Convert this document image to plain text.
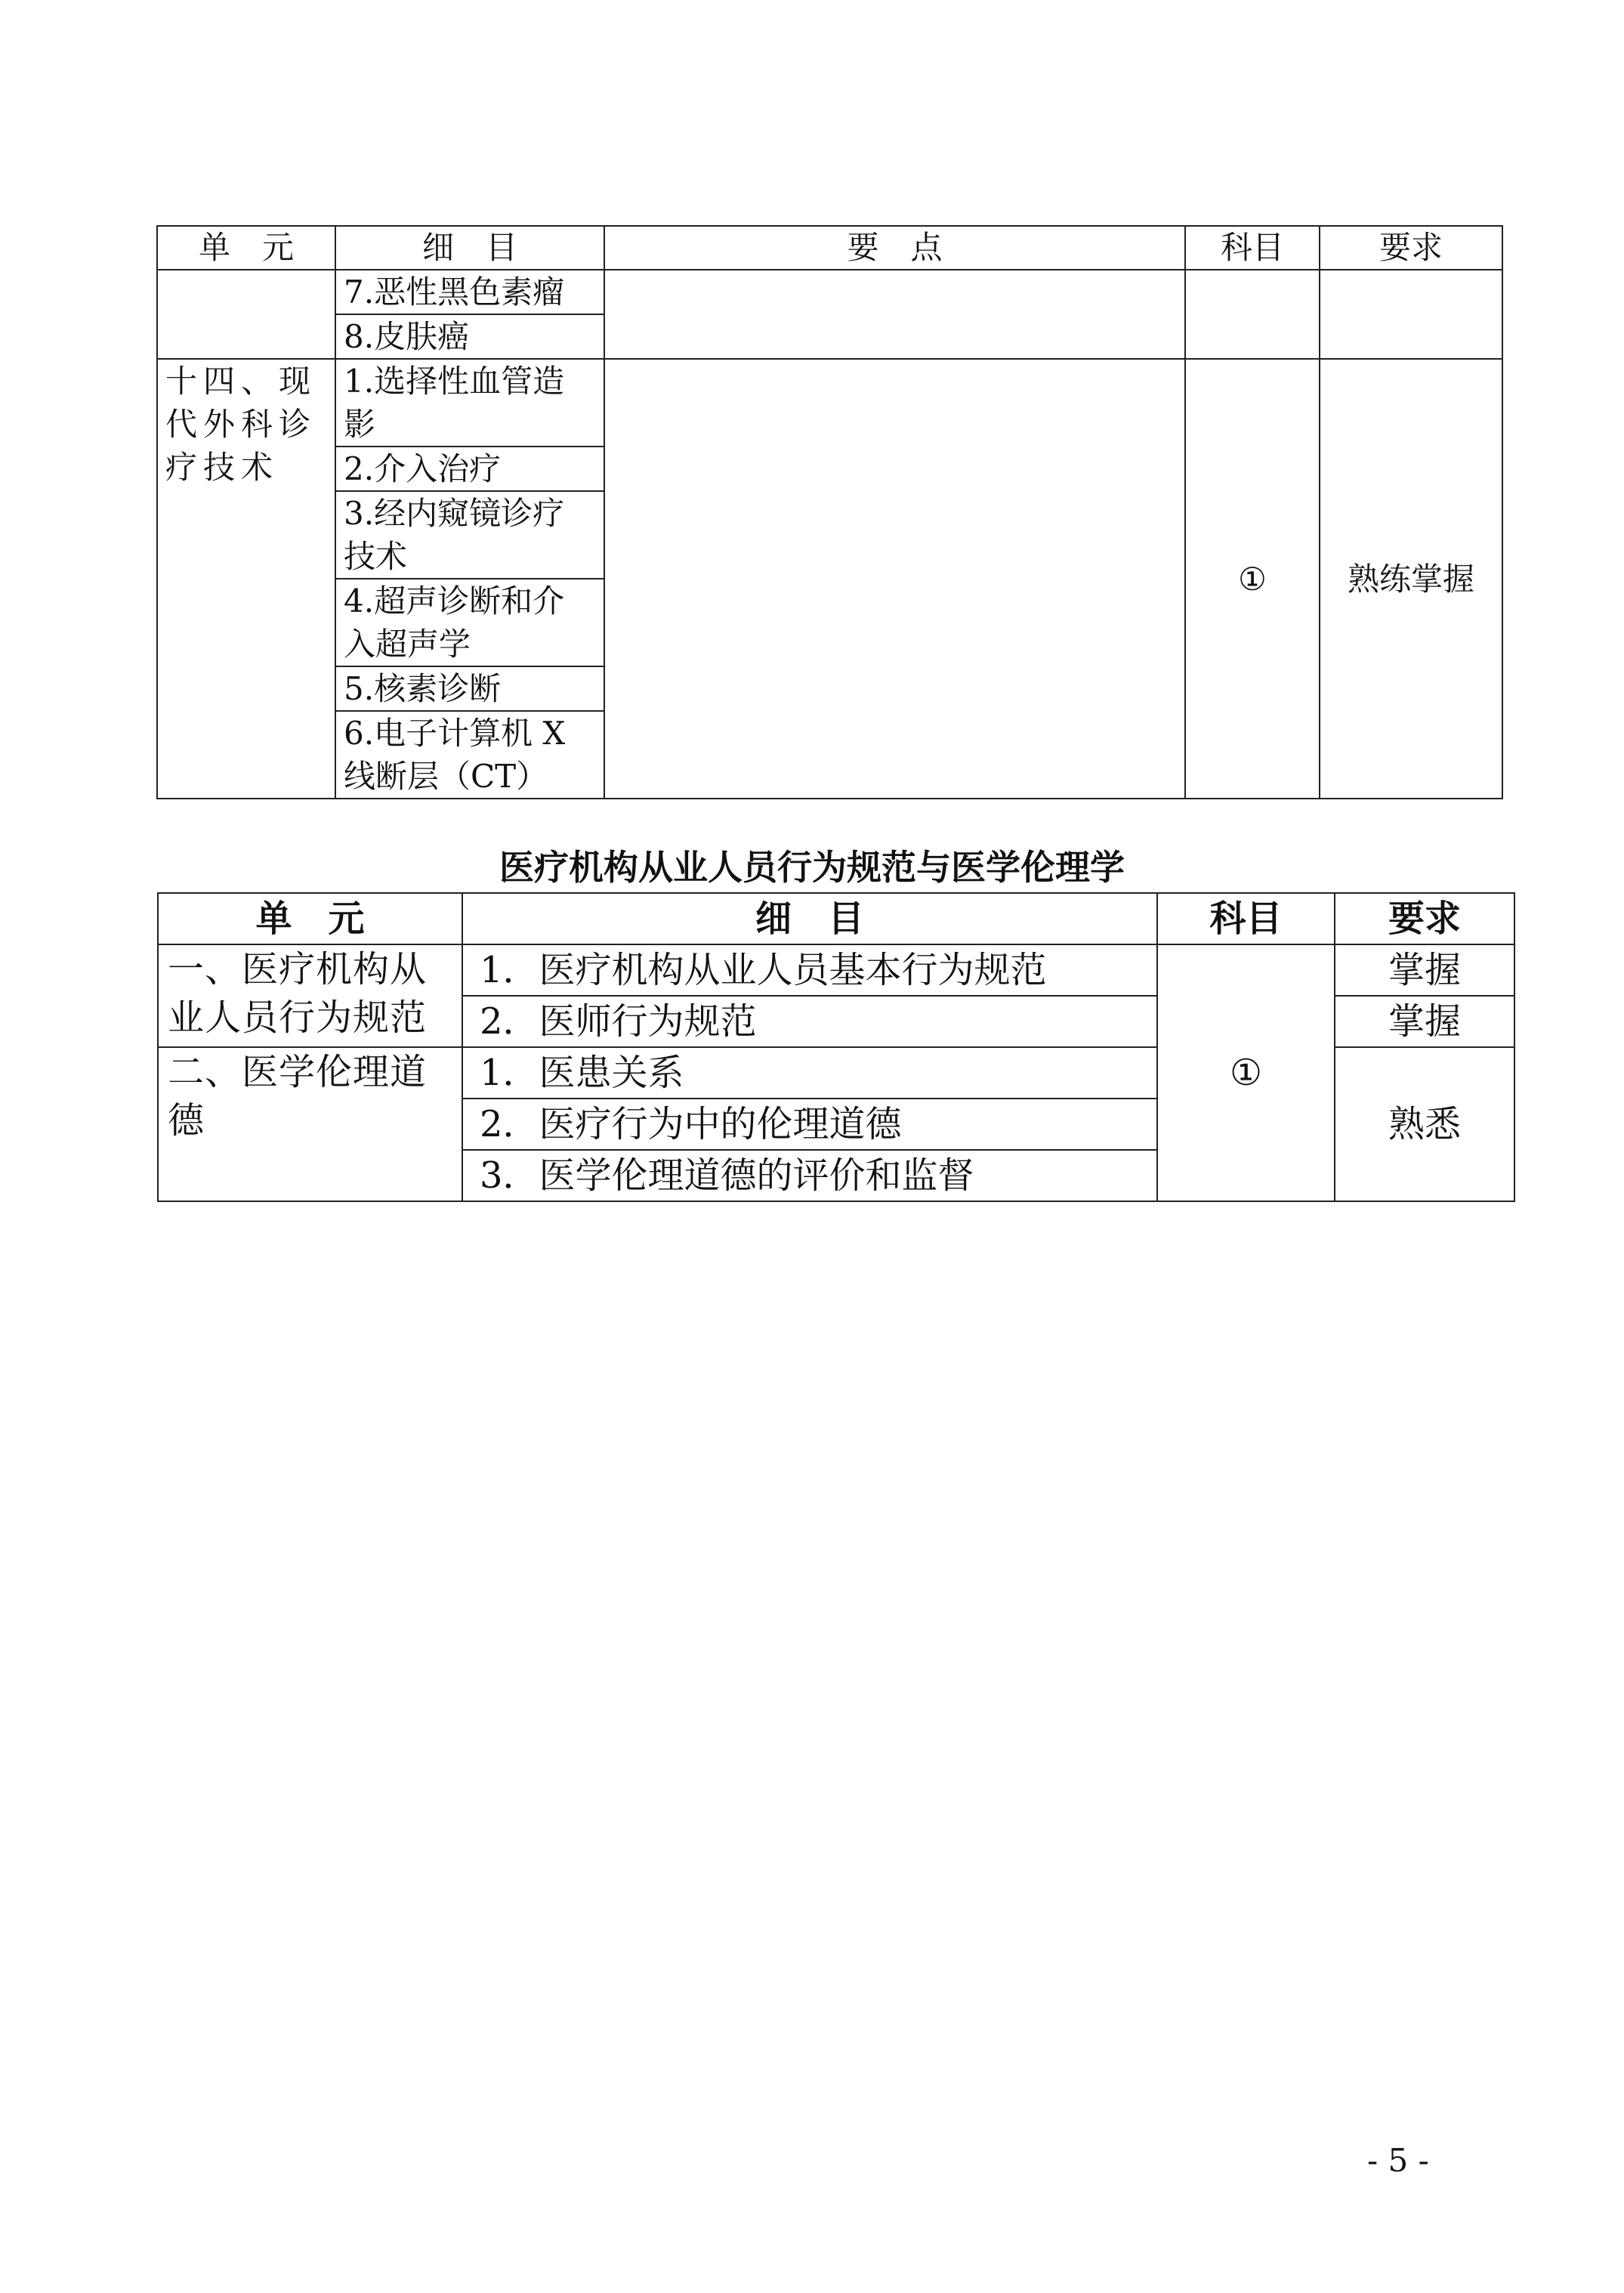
单　元	细　目	要　点	科目	要求
	7.恶性黑色素瘤			
	8.皮肤癌			
十四、现代外科诊疗技术	1.选择性血管造影		①	熟练掌握
	2.介入治疗			
	3.经内窥镜诊疗技术			
	4.超声诊断和介入超声学			
	5.核素诊断			
	6.电子计算机 X 线断层（CT）			
医疗机构从业人员行为规范与医学伦理学
单　元	细　目	科目	要求
一、医疗机构从业人员行为规范	1．医疗机构从业人员基本行为规范	①	掌握
	2．医师行为规范		掌握
二、医学伦理道德	1．医患关系		熟悉
	2．医疗行为中的伦理道德		
	3．医学伦理道德的评价和监督		
- 5 -
